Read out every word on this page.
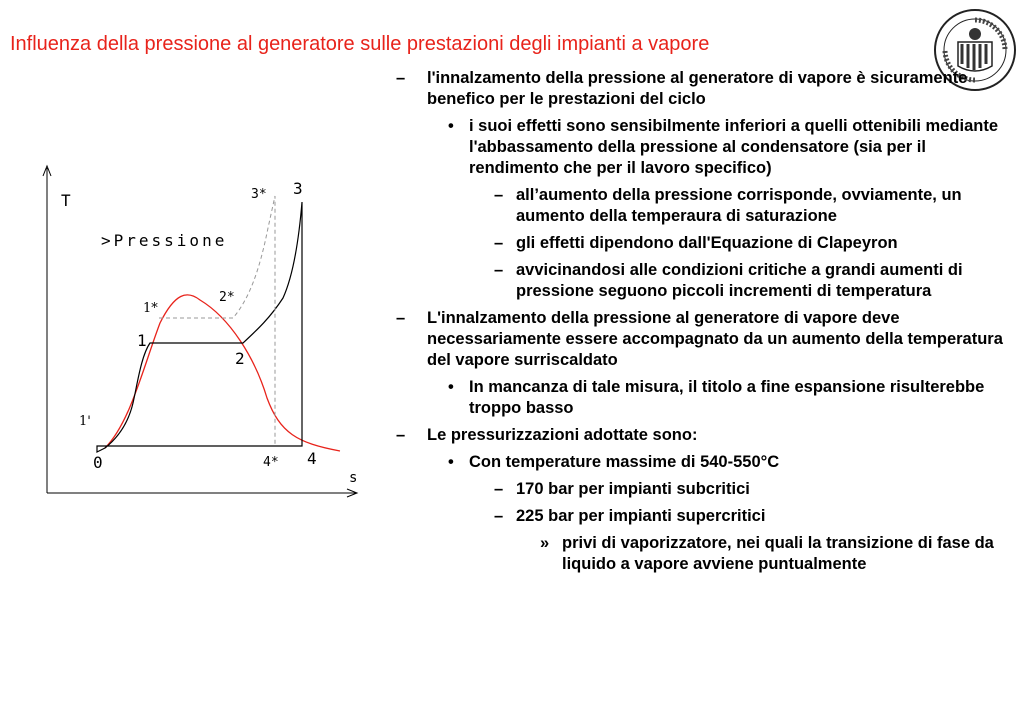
Influenza della pressione al generatore sulle prestazioni degli impianti a vapore
>Pressione
T
s
0
1
1'
2
3
4
1*
2*
3*
4*
– l'innalzamento della pressione al generatore di vapore è sicuramente benefico per le prestazioni del ciclo
• i suoi effetti sono sensibilmente inferiori a quelli ottenibili mediante l'abbassamento della pressione al condensatore (sia per il rendimento che per il lavoro specifico)
– all’aumento della pressione corrisponde, ovviamente, un aumento della temperaura di saturazione
– gli effetti dipendono dall'Equazione di Clapeyron
– avvicinandosi alle condizioni critiche a grandi aumenti di pressione seguono piccoli incrementi di temperatura
– L'innalzamento della pressione al generatore di vapore deve necessariamente essere accompagnato da un aumento della temperatura del vapore surriscaldato
• In mancanza di tale misura, il titolo a fine espansione risulterebbe troppo basso
– Le pressurizzazioni adottate sono:
• Con temperature massime di 540-550°C
– 170 bar per impianti subcritici
– 225 bar per impianti supercritici
» privi di vaporizzatore, nei quali la transizione di fase da liquido a vapore avviene puntualmente
